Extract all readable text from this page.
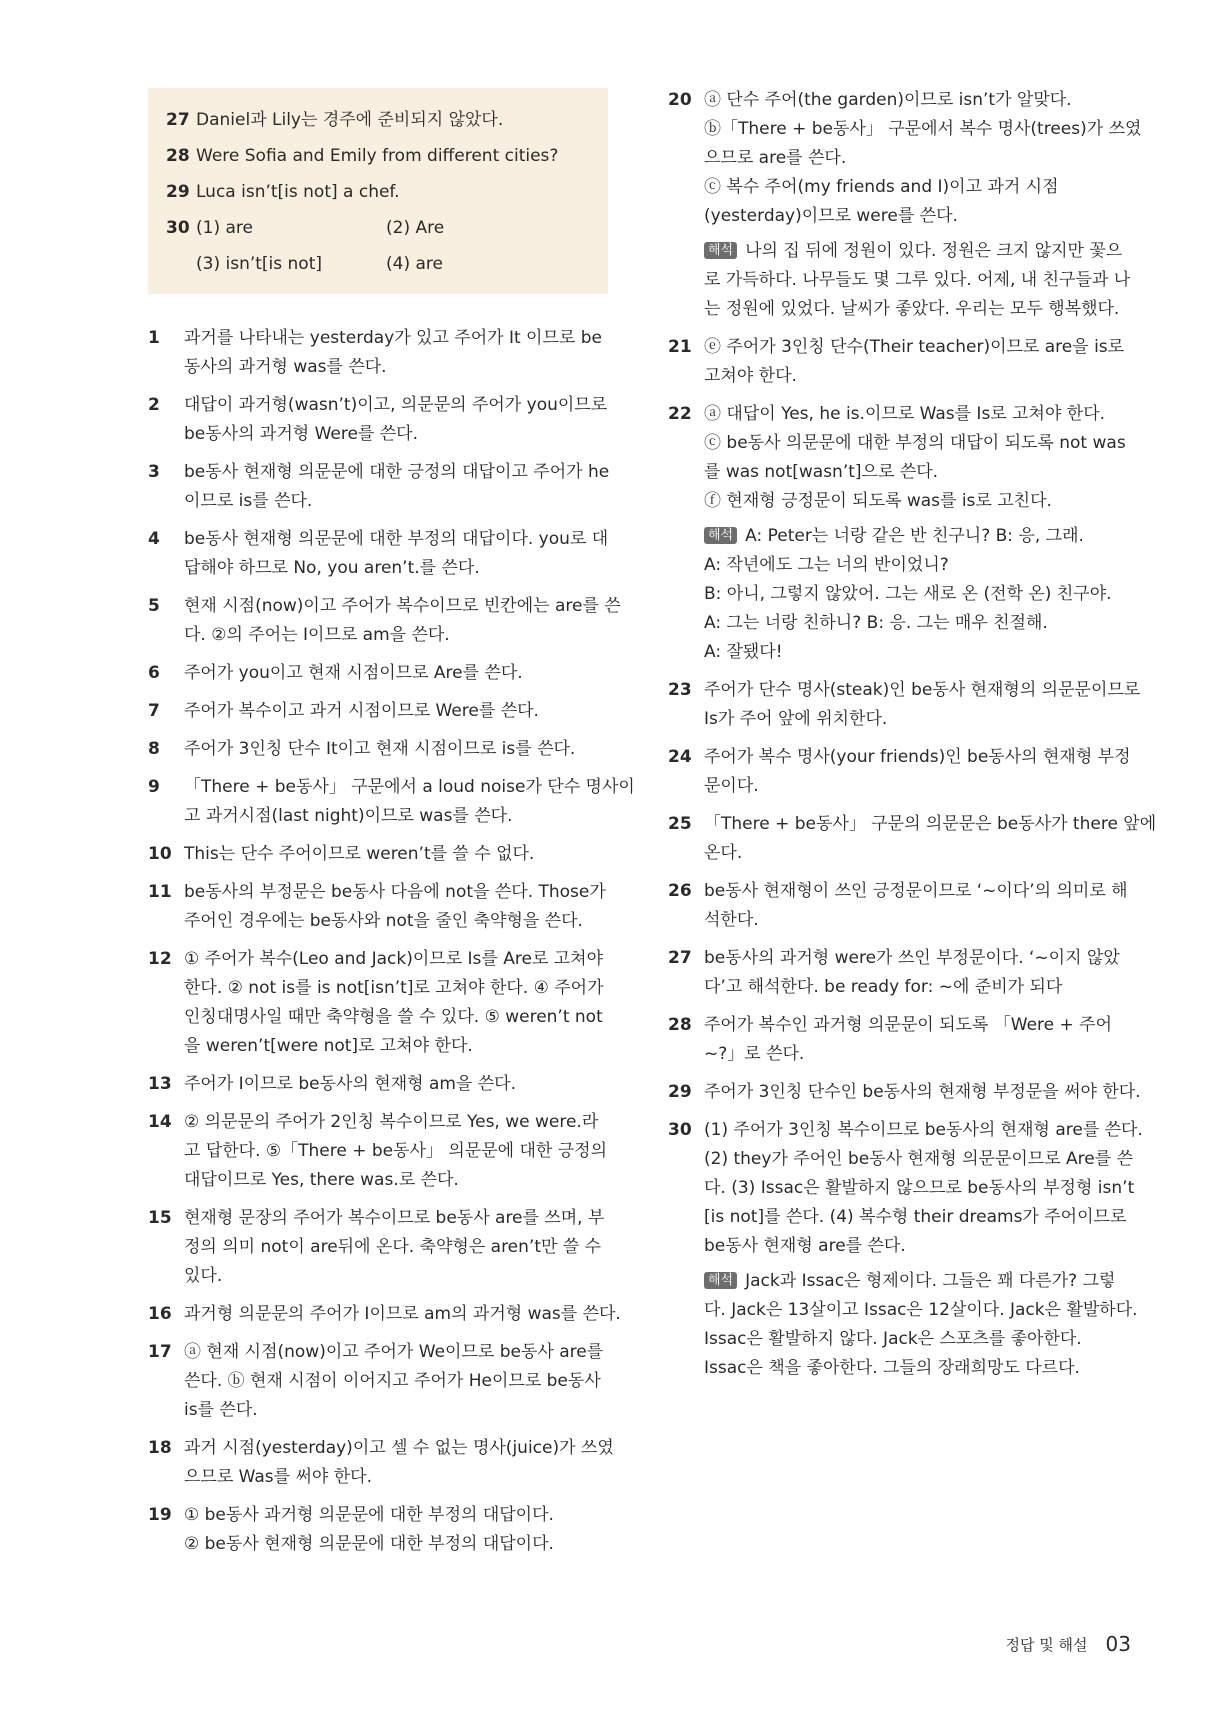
27 Daniel과 Lily는 경주에 준비되지 않았다.
28 Were Sofia and Emily from different cities?
29 Luca isn’t[is not] a chef.
30 (1) are	(2) Are
(3) isn’t[is not]	(4) are
1	과거를 나타내는 yesterday가 있고 주어가 It 이므로 be
동사의 과거형 was를 쓴다.
2	대답이 과거형(wasn’t)이고, 의문문의 주어가 you이므로
be동사의 과거형 Were를 쓴다.
3	be동사 현재형 의문문에 대한 긍정의 대답이고 주어가 he
이므로 is를 쓴다.
4	be동사 현재형 의문문에 대한 부정의 대답이다. you로 대
답해야 하므로 No, you aren’t.를 쓴다.
5	현재 시점(now)이고 주어가 복수이므로 빈칸에는 are를 쓴
다. ②의 주어는 I이므로 am을 쓴다.
6	주어가 you이고 현재 시점이므로 Are를 쓴다.
7	주어가 복수이고 과거 시점이므로 Were를 쓴다.
8	주어가 3인칭 단수 It이고 현재 시점이므로 is를 쓴다.
9	「There + be동사」 구문에서 a loud noise가 단수 명사이
고 과거시점(last night)이므로 was를 쓴다.
10 This는 단수 주어이므로 weren’t를 쓸 수 없다.
11 be동사의 부정문은 be동사 다음에 not을 쓴다. Those가
주어인 경우에는 be동사와 not을 줄인 축약형을 쓴다.
12 ① 주어가 복수(Leo and Jack)이므로 Is를 Are로 고쳐야
한다. ② not is를 is not[isn’t]로 고쳐야 한다. ④ 주어가
인칭대명사일 때만 축약형을 쓸 수 있다. ⑤ weren’t not
을 weren’t[were not]로 고쳐야 한다.
13 주어가 I이므로 be동사의 현재형 am을 쓴다.
14 ② 의문문의 주어가 2인칭 복수이므로 Yes, we were.라
고 답한다. ⑤「There + be동사」 의문문에 대한 긍정의
대답이므로 Yes, there was.로 쓴다.
15 현재형 문장의 주어가 복수이므로 be동사 are를 쓰며, 부
정의 의미 not이 are뒤에 온다. 축약형은 aren’t만 쓸 수
있다.
16 과거형 의문문의 주어가 I이므로 am의 과거형 was를 쓴다.
17 ⓐ 현재 시점(now)이고 주어가 We이므로 be동사 are를
쓴다. ⓑ 현재 시점이 이어지고 주어가 He이므로 be동사
is를 쓴다.
18 과거 시점(yesterday)이고 셀 수 없는 명사(juice)가 쓰였
으므로 Was를 써야 한다.
19 ① be동사 과거형 의문문에 대한 부정의 대답이다.
② be동사 현재형 의문문에 대한 부정의 대답이다.
20 ⓐ 단수 주어(the garden)이므로 isn’t가 알맞다.
ⓑ「There + be동사」 구문에서 복수 명사(trees)가 쓰였
으므로 are를 쓴다.
ⓒ 복수 주어(my friends and I)이고 과거 시점
(yesterday)이므로 were를 쓴다.
해석 나의 집 뒤에 정원이 있다. 정원은 크지 않지만 꽃으
로 가득하다. 나무들도 몇 그루 있다. 어제, 내 친구들과 나
는 정원에 있었다. 날씨가 좋았다. 우리는 모두 행복했다.
21 ⓔ 주어가 3인칭 단수(Their teacher)이므로 are을 is로
고쳐야 한다.
22 ⓐ 대답이 Yes, he is.이므로 Was를 Is로 고쳐야 한다.
ⓒ be동사 의문문에 대한 부정의 대답이 되도록 not was
를 was not[wasn’t]으로 쓴다.
ⓕ 현재형 긍정문이 되도록 was를 is로 고친다.
해석 A: Peter는 너랑 같은 반 친구니? B: 응, 그래.
A: 작년에도 그는 너의 반이었니?
B: 아니, 그렇지 않았어. 그는 새로 온 (전학 온) 친구야.
A: 그는 너랑 친하니? B: 응. 그는 매우 친절해.
A: 잘됐다!
23 주어가 단수 명사(steak)인 be동사 현재형의 의문문이므로
Is가 주어 앞에 위치한다.
24 주어가 복수 명사(your friends)인 be동사의 현재형 부정
문이다.
25 「There + be동사」 구문의 의문문은 be동사가 there 앞에
온다.
26 be동사 현재형이 쓰인 긍정문이므로 ‘~이다’의 의미로 해
석한다.
27 be동사의 과거형 were가 쓰인 부정문이다. ‘~이지 않았
다’고 해석한다. be ready for: ~에 준비가 되다
28 주어가 복수인 과거형 의문문이 되도록 「Were + 주어
~?」로 쓴다.
29 주어가 3인칭 단수인 be동사의 현재형 부정문을 써야 한다.
30 (1) 주어가 3인칭 복수이므로 be동사의 현재형 are를 쓴다.
(2) they가 주어인 be동사 현재형 의문문이므로 Are를 쓴
다. (3) Issac은 활발하지 않으므로 be동사의 부정형 isn’t
[is not]를 쓴다. (4) 복수형 their dreams가 주어이므로
be동사 현재형 are를 쓴다.
해석 Jack과 Issac은 형제이다. 그들은 꽤 다른가? 그렇
다. Jack은 13살이고 Issac은 12살이다. Jack은 활발하다.
Issac은 활발하지 않다. Jack은 스포츠를 좋아한다.
Issac은 책을 좋아한다. 그들의 장래희망도 다르다.
정답 및 해설 03
